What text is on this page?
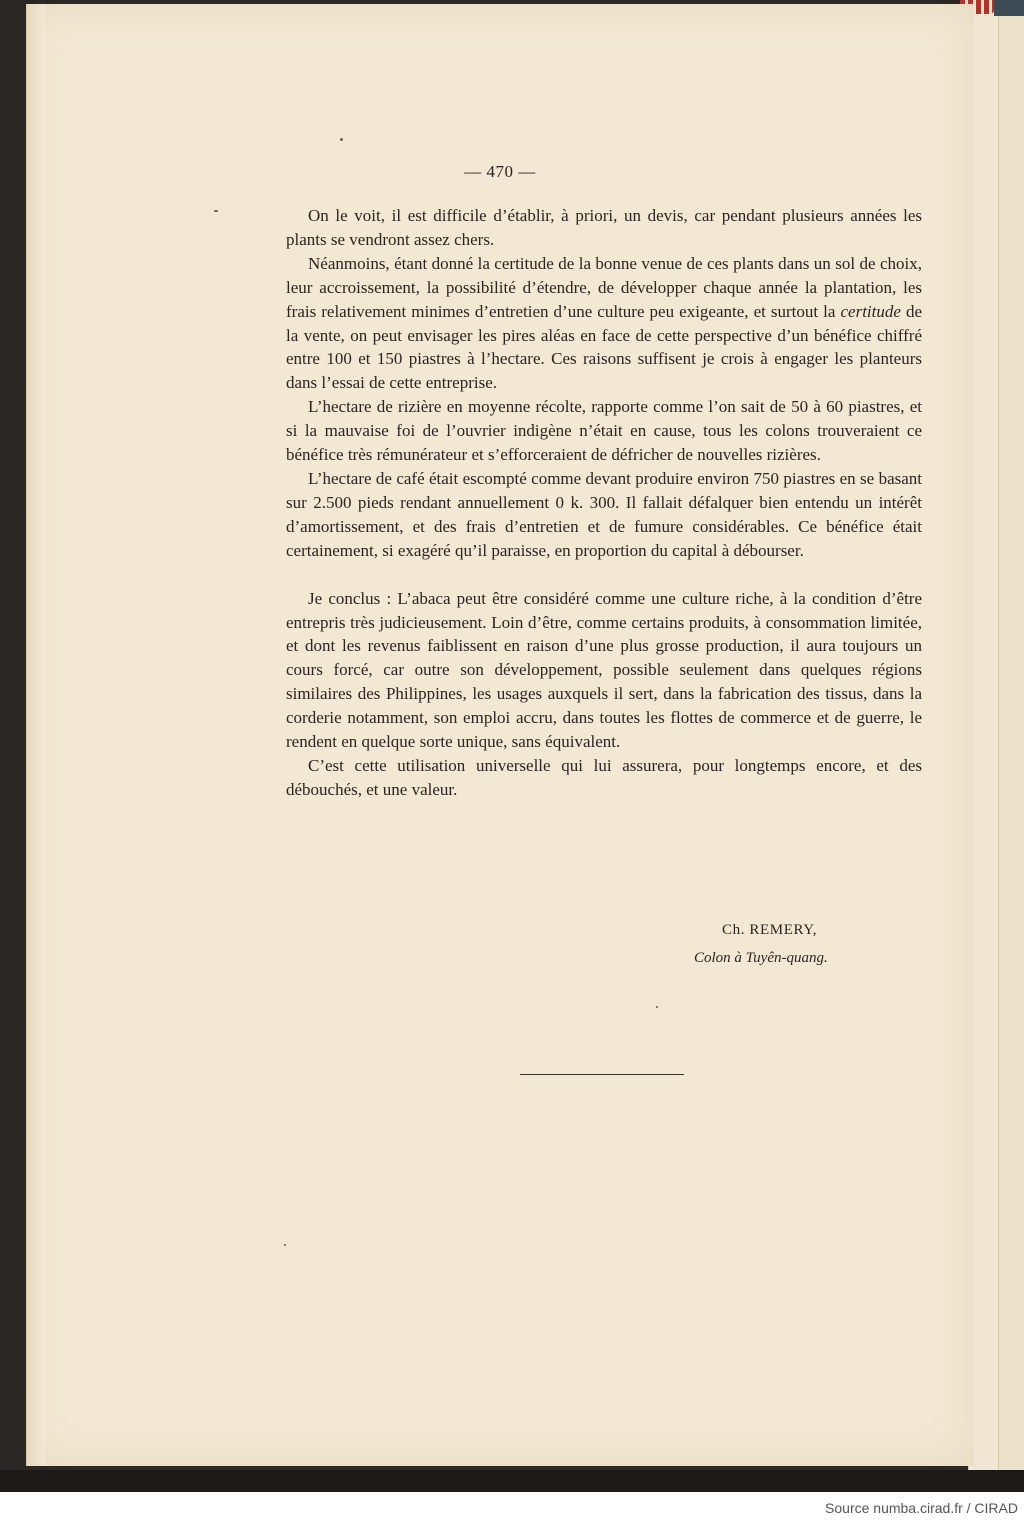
— 470 —

On le voit, il est difficile d’établir, à priori, un devis, car pendant plusieurs années les plants se vendront assez chers.

Néanmoins, étant donné la certitude de la bonne venue de ces plants dans un sol de choix, leur accroissement, la possibilité d’étendre, de développer chaque année la plantation, les frais relativement minimes d’entretien d’une culture peu exigeante, et surtout la certitude de la vente, on peut envisager les pires aléas en face de cette perspective d’un bénéfice chiffré entre 100 et 150 piastres à l’hectare. Ces raisons suffisent je crois à engager les planteurs dans l’essai de cette entreprise.

L’hectare de rizière en moyenne récolte, rapporte comme l’on sait de 50 à 60 piastres, et si la mauvaise foi de l’ouvrier indigène n’était en cause, tous les colons trouveraient ce bénéfice très rémunérateur et s’efforceraient de défricher de nouvelles rizières.

L’hectare de café était escompté comme devant produire environ 750 piastres en se basant sur 2.500 pieds rendant annuellement 0 k. 300. Il fallait défalquer bien entendu un intérêt d’amortissement, et des frais d’entretien et de fumure considérables. Ce bénéfice était certainement, si exagéré qu’il paraisse, en proportion du capital à débourser.

Je conclus : L’abaca peut être considéré comme une culture riche, à la condition d’être entrepris très judicieusement. Loin d’être, comme certains produits, à consommation limitée, et dont les revenus faiblissent en raison d’une plus grosse production, il aura toujours un cours forcé, car outre son développement, possible seulement dans quelques régions similaires des Philippines, les usages auxquels il sert, dans la fabrication des tissus, dans la corderie notamment, son emploi accru, dans toutes les flottes de commerce et de guerre, le rendent en quelque sorte unique, sans équivalent.

C’est cette utilisation universelle qui lui assurera, pour longtemps encore, et des débouchés, et une valeur.

Ch. REMERY,
Colon à Tuyên-quang.
Source numba.cirad.fr / CIRAD
